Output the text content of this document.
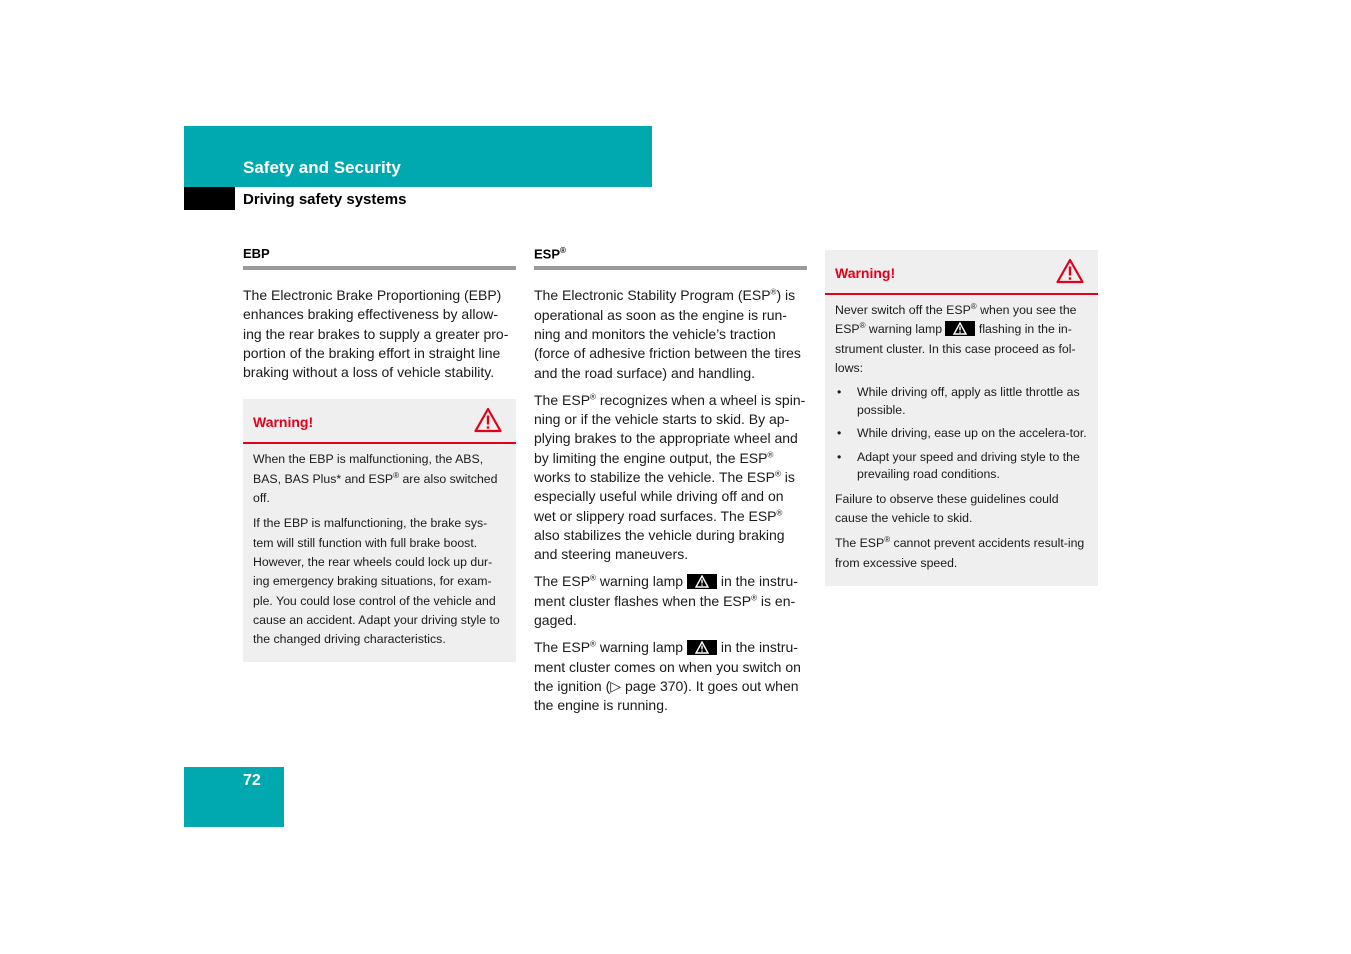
Safety and Security
Driving safety systems
EBP

The Electronic Brake Proportioning (EBP) enhances braking effectiveness by allow-ing the rear brakes to supply a greater pro-portion of the braking effort in straight line braking without a loss of vehicle stability.

Warning!

When the EBP is malfunctioning, the ABS, BAS, BAS Plus* and ESP® are also switched off.

If the EBP is malfunctioning, the brake sys-tem will still function with full brake boost. However, the rear wheels could lock up dur-ing emergency braking situations, for exam-ple. You could lose control of the vehicle and cause an accident. Adapt your driving style to the changed driving characteristics.

ESP®

The Electronic Stability Program (ESP®) is operational as soon as the engine is run-ning and monitors the vehicle’s traction (force of adhesive friction between the tires and the road surface) and handling.

The ESP® recognizes when a wheel is spin-ning or if the vehicle starts to skid. By ap-plying brakes to the appropriate wheel and by limiting the engine output, the ESP® works to stabilize the vehicle. The ESP® is especially useful while driving off and on wet or slippery road surfaces. The ESP® also stabilizes the vehicle during braking and steering maneuvers.

The ESP® warning lamp
in the instru-ment cluster flashes when the ESP® is en-gaged.

The ESP® warning lamp
in the instru-ment cluster comes on when you switch on the ignition (▷ page 370). It goes out when the engine is running.

Warning!

Never switch off the ESP® when you see the ESP® warning lamp
flashing in the in-strument cluster. In this case proceed as fol-lows:

• While driving off, apply as little throttle as possible.
• While driving, ease up on the accelera-tor.
• Adapt your speed and driving style to the prevailing road conditions.

Failure to observe these guidelines could cause the vehicle to skid.

The ESP® cannot prevent accidents result-ing from excessive speed.

72
